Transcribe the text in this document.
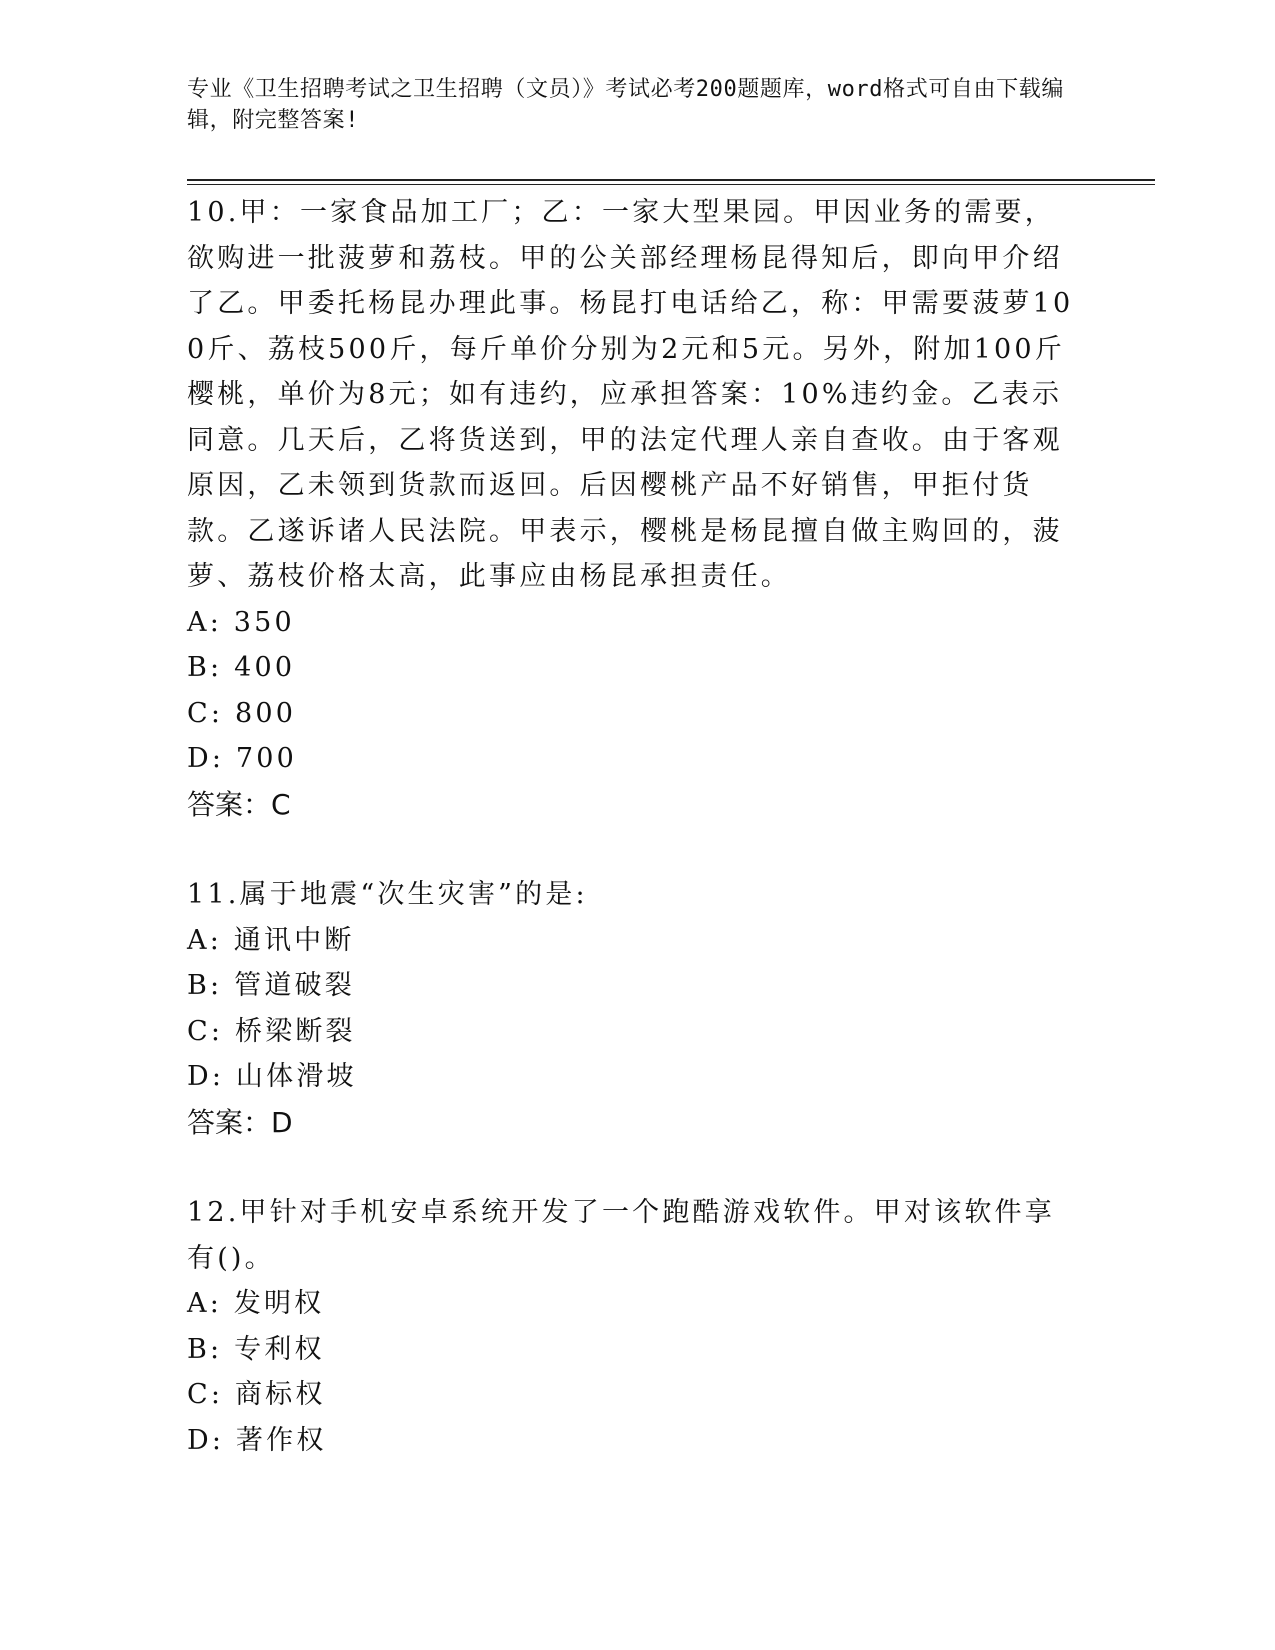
专业《卫生招聘考试之卫生招聘（文员）》考试必考200题题库，word格式可自由下载编辑，附完整答案!

10.甲：一家食品加工厂；乙：一家大型果园。甲因业务的需要，欲购进一批菠萝和荔枝。甲的公关部经理杨昆得知后，即向甲介绍了乙。甲委托杨昆办理此事。杨昆打电话给乙，称：甲需要菠萝100斤、荔枝500斤，每斤单价分别为2元和5元。另外，附加100斤樱桃，单价为8元；如有违约，应承担答案：10%违约金。乙表示同意。几天后，乙将货送到，甲的法定代理人亲自查收。由于客观原因，乙未领到货款而返回。后因樱桃产品不好销售，甲拒付货款。乙遂诉诸人民法院。甲表示，樱桃是杨昆擅自做主购回的，菠萝、荔枝价格太高，此事应由杨昆承担责任。

A: 350

B: 400

C: 800

D: 700

答案：C

11.属于地震“次生灾害”的是:

A: 通讯中断

B: 管道破裂

C: 桥梁断裂

D: 山体滑坡

答案：D

12.甲针对手机安卓系统开发了一个跑酷游戏软件。甲对该软件享有()。

A: 发明权

B: 专利权

C: 商标权

D: 著作权
